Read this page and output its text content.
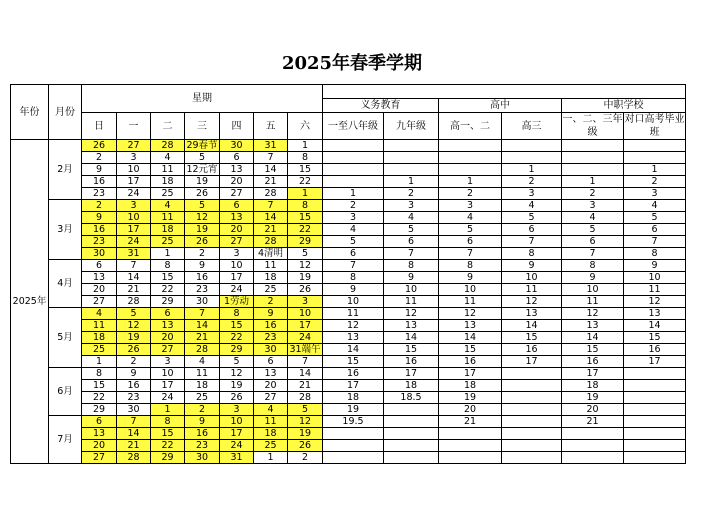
2025年春季学期
年份	月份	星期												
									义务教育		高中		中职学校	
		日	一	二	三	四	五	六	一至八年级	九年级	高一、二	高三	一、二、三年级	对口高考毕业班
2025年	2月	26	27	28	29春节	30	31	1						
		2	3	4	5	6	7	8						
		9	10	11	12元宵	13	14	15				1		1
		16	17	18	19	20	21	22		1	1	2	1	2
		23	24	25	26	27	28	1	1	2	2	3	2	3
	3月	2	3	4	5	6	7	8	2	3	3	4	3	4
		9	10	11	12	13	14	15	3	4	4	5	4	5
		16	17	18	19	20	21	22	4	5	5	6	5	6
		23	24	25	26	27	28	29	5	6	6	7	6	7
		30	31	1	2	3	4清明	5	6	7	7	8	7	8
	4月	6	7	8	9	10	11	12	7	8	8	9	8	9
		13	14	15	16	17	18	19	8	9	9	10	9	10
		20	21	22	23	24	25	26	9	10	10	11	10	11
		27	28	29	30	1劳动	2	3	10	11	11	12	11	12
	5月	4	5	6	7	8	9	10	11	12	12	13	12	13
		11	12	13	14	15	16	17	12	13	13	14	13	14
		18	19	20	21	22	23	24	13	14	14	15	14	15
		25	26	27	28	29	30	31端午	14	15	15	16	15	16
		1	2	3	4	5	6	7	15	16	16	17	16	17
	6月	8	9	10	11	12	13	14	16	17	17		17	
		15	16	17	18	19	20	21	17	18	18		18	
		22	23	24	25	26	27	28	18	18.5	19		19	
		29	30	1	2	3	4	5	19		20		20	
	7月	6	7	8	9	10	11	12	19.5		21		21	
		13	14	15	16	17	18	19						
		20	21	22	23	24	25	26						
		27	28	29	30	31	1	2						
